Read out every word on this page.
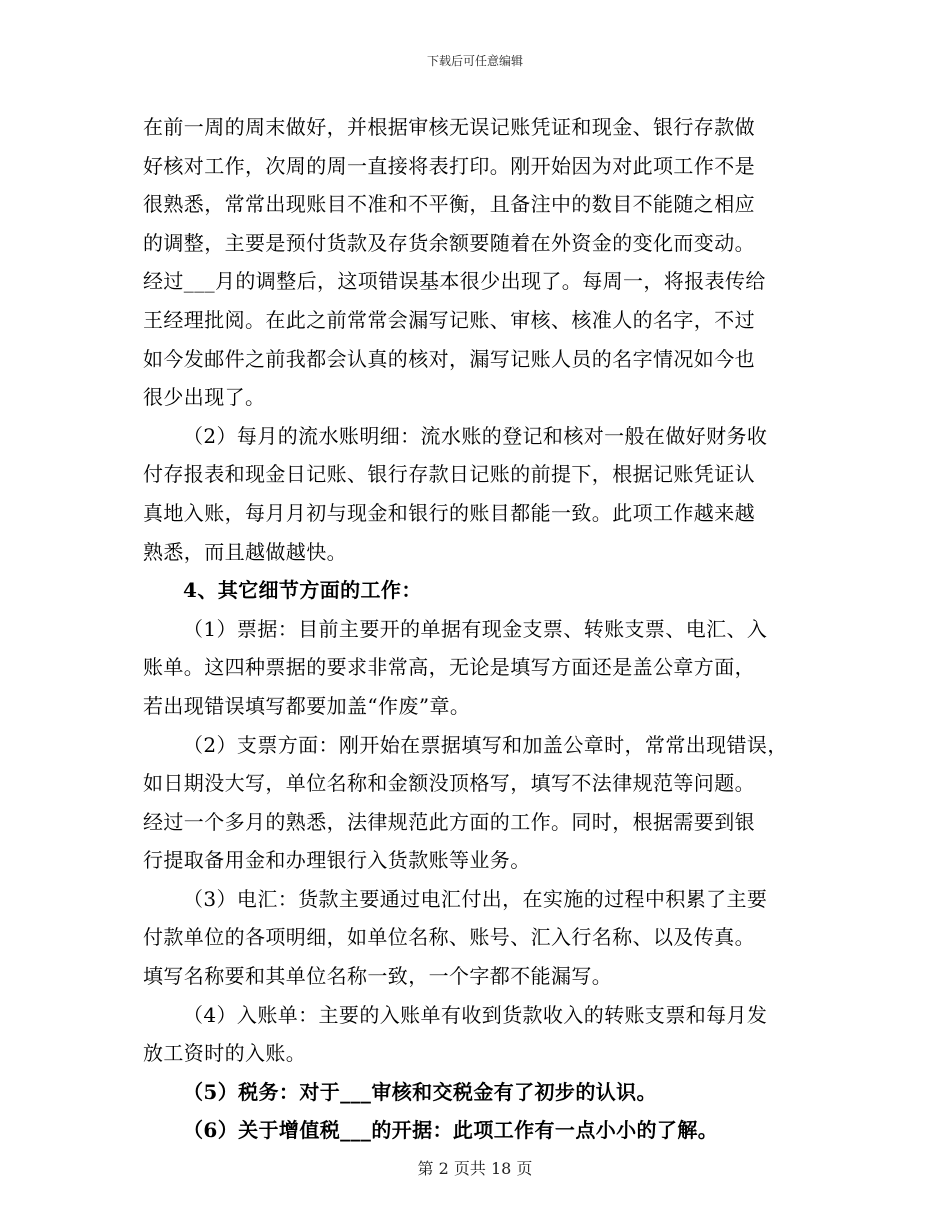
下载后可任意编辑
在前一周的周末做好，并根据审核无误记账凭证和现金、银行存款做
好核对工作，次周的周一直接将表打印。刚开始因为对此项工作不是
很熟悉，常常出现账目不准和不平衡，且备注中的数目不能随之相应
的调整，主要是预付货款及存货余额要随着在外资金的变化而变动。
经过___月的调整后，这项错误基本很少出现了。每周一，将报表传给
王经理批阅。在此之前常常会漏写记账、审核、核准人的名字，不过
如今发邮件之前我都会认真的核对，漏写记账人员的名字情况如今也
很少出现了。
（2）每月的流水账明细：流水账的登记和核对一般在做好财务收
付存报表和现金日记账、银行存款日记账的前提下，根据记账凭证认
真地入账，每月月初与现金和银行的账目都能一致。此项工作越来越
熟悉，而且越做越快。
4、其它细节方面的工作：
（1）票据：目前主要开的单据有现金支票、转账支票、电汇、入
账单。这四种票据的要求非常高，无论是填写方面还是盖公章方面，
若出现错误填写都要加盖“作废”章。
（2）支票方面：刚开始在票据填写和加盖公章时，常常出现错误，
如日期没大写，单位名称和金额没顶格写，填写不法律规范等问题。
经过一个多月的熟悉，法律规范此方面的工作。同时，根据需要到银
行提取备用金和办理银行入货款账等业务。
（3）电汇：货款主要通过电汇付出，在实施的过程中积累了主要
付款单位的各项明细，如单位名称、账号、汇入行名称、以及传真。
填写名称要和其单位名称一致，一个字都不能漏写。
（4）入账单：主要的入账单有收到货款收入的转账支票和每月发
放工资时的入账。
（5）税务：对于___审核和交税金有了初步的认识。
（6）关于增值税___的开据：此项工作有一点小小的了解。
第 2 页共 18 页
